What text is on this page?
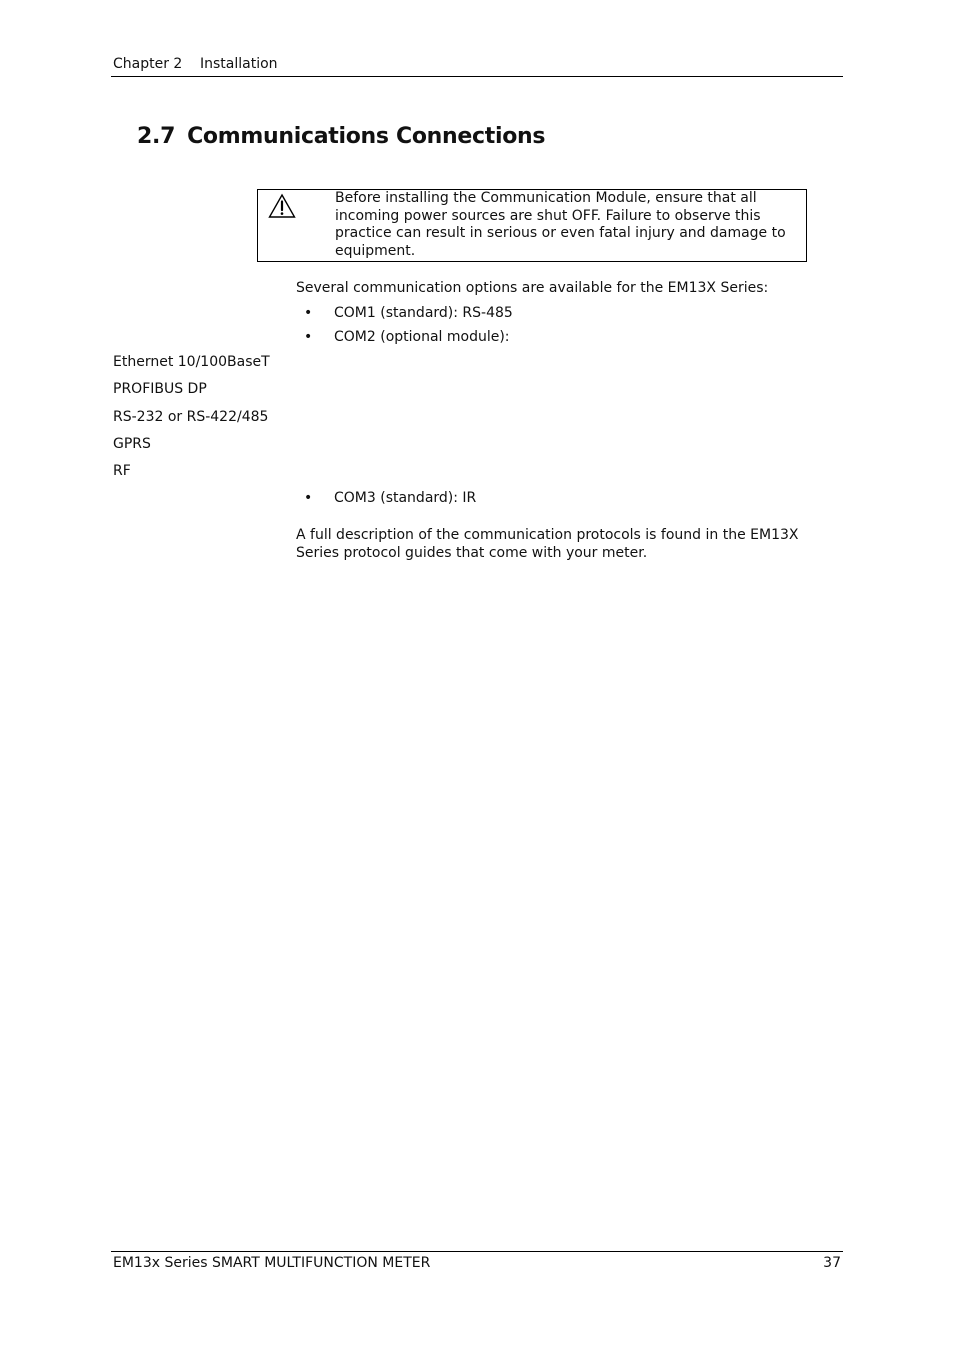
Chapter 2 Installation
2.7 Communications Connections
Before installing the Communication Module, ensure that all incoming power sources are shut OFF. Failure to observe this practice can result in serious or even fatal injury and damage to equipment.
Several communication options are available for the EM13X Series:
• COM1 (standard): RS-485
• COM2 (optional module):
Ethernet 10/100BaseT
PROFIBUS DP
RS-232 or RS-422/485
GPRS
RF
• COM3 (standard): IR
A full description of the communication protocols is found in the EM13X Series protocol guides that come with your meter.
EM13x Series SMART MULTIFUNCTION METER	37
